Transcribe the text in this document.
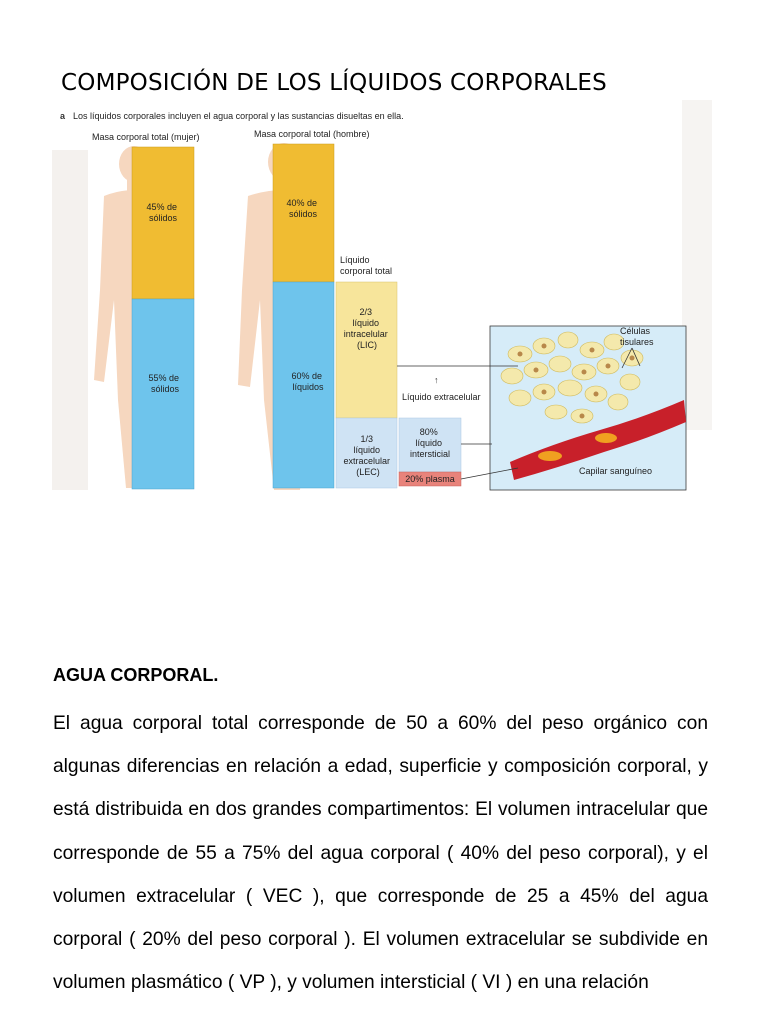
COMPOSICIÓN DE LOS LÍQUIDOS CORPORALES
a Los líquidos corporales incluyen el agua corporal y las sustancias disueltas en ella.
Masa corporal total (mujer)	Masa corporal total (hombre)
45% de sólidos
55% de sólidos
40% de sólidos
60% de líquidos
Líquido corporal total
2/3 líquido intracelular (LIC)
1/3 líquido extracelular (LEC)
80% líquido intersticial
20% plasma
Células tisulares
Capilar sanguíneo
Líquido extracelular
↑
AGUA CORPORAL.
El agua corporal total corresponde de 50 a 60% del peso orgánico con algunas diferencias en relación a edad, superficie y composición corporal, y está distribuida en dos grandes compartimentos: El volumen intracelular que corresponde de 55 a 75% del agua corporal ( 40% del peso corporal), y el volumen extracelular ( VEC ), que corresponde de 25 a 45% del agua corporal ( 20% del peso corporal ). El volumen extracelular se subdivide en volumen plasmático ( VP ), y volumen intersticial ( VI ) en una relación
